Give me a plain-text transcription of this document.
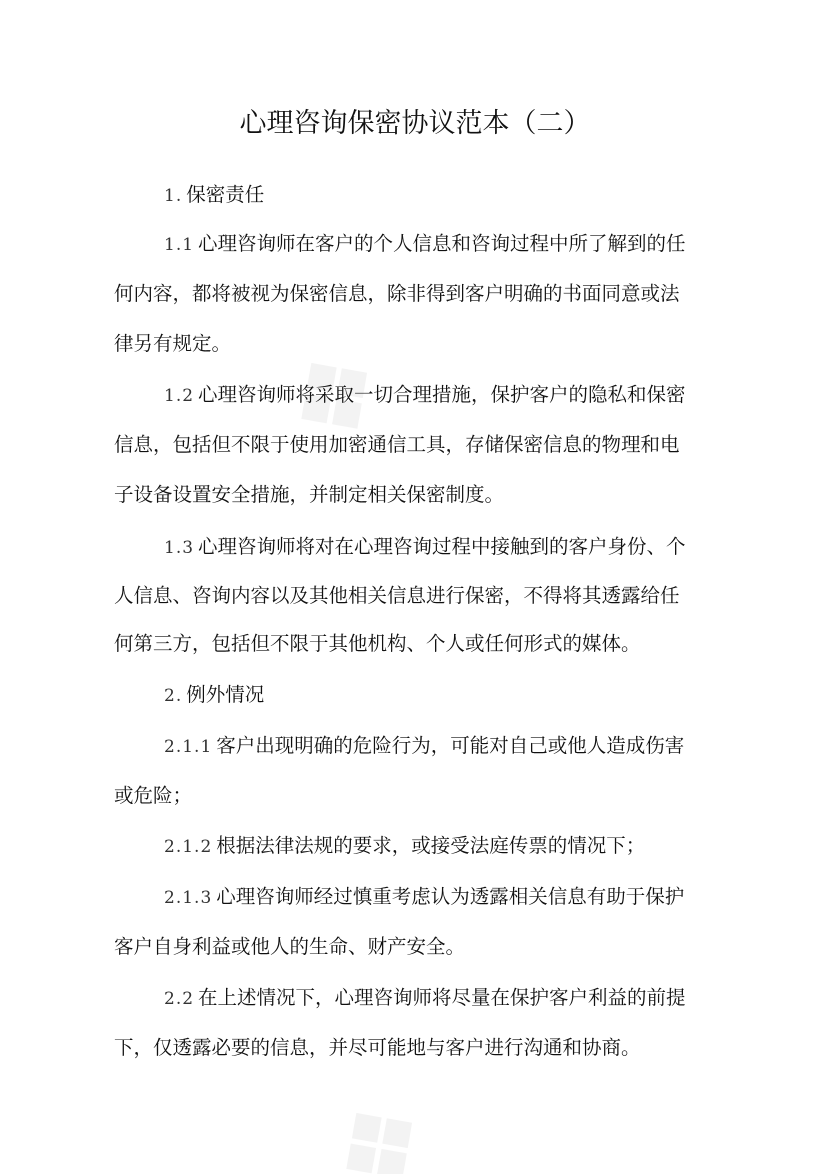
心理咨询保密协议范本（二）

1. 保密责任

1.1 心理咨询师在客户的个人信息和咨询过程中所了解到的任

何内容，都将被视为保密信息，除非得到客户明确的书面同意或法

律另有规定。

1.2 心理咨询师将采取一切合理措施，保护客户的隐私和保密

信息，包括但不限于使用加密通信工具，存储保密信息的物理和电

子设备设置安全措施，并制定相关保密制度。

1.3 心理咨询师将对在心理咨询过程中接触到的客户身份、个

人信息、咨询内容以及其他相关信息进行保密，不得将其透露给任

何第三方，包括但不限于其他机构、个人或任何形式的媒体。

2. 例外情况

2.1.1 客户出现明确的危险行为，可能对自己或他人造成伤害

或危险；

2.1.2 根据法律法规的要求，或接受法庭传票的情况下；

2.1.3 心理咨询师经过慎重考虑认为透露相关信息有助于保护

客户自身利益或他人的生命、财产安全。

2.2 在上述情况下，心理咨询师将尽量在保护客户利益的前提

下，仅透露必要的信息，并尽可能地与客户进行沟通和协商。
